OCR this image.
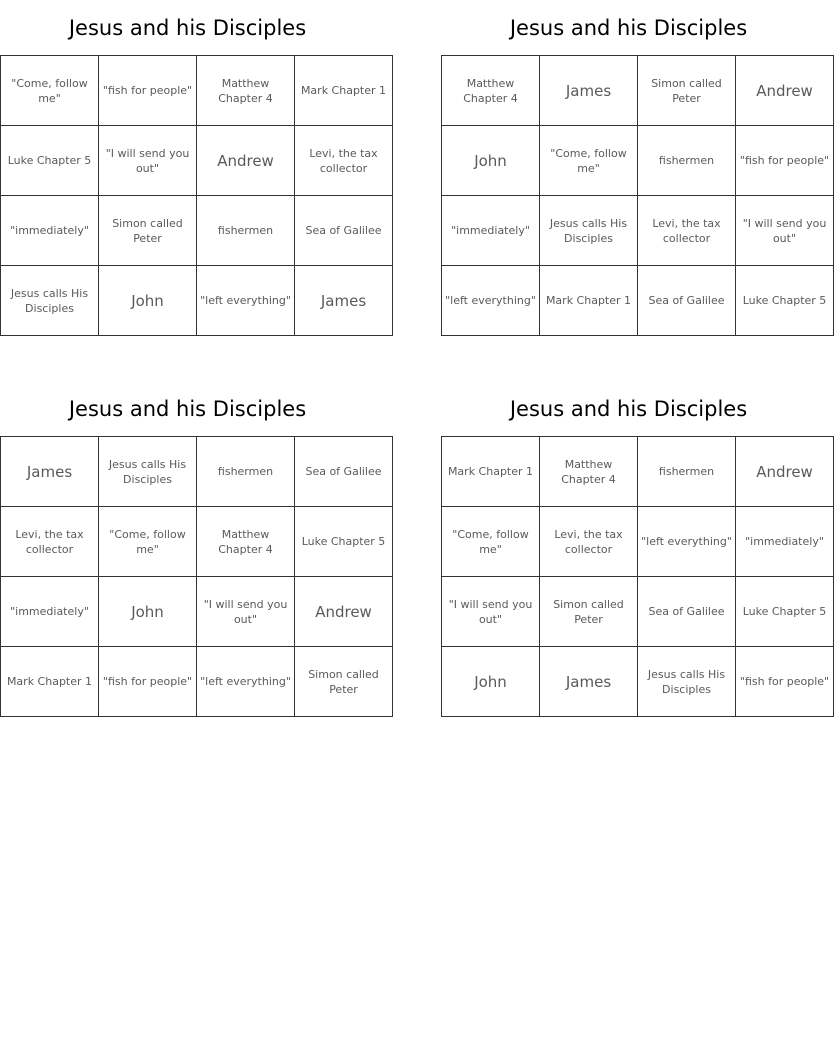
Jesus and his Disciples
"Come, follow me"	"fish for people"	Matthew Chapter 4	Mark Chapter 1
Luke Chapter 5	"I will send you out"	Andrew	Levi, the tax collector
"immediately"	Simon called Peter	fishermen	Sea of Galilee
Jesus calls His Disciples	John	"left everything"	James
Jesus and his Disciples
Matthew Chapter 4	James	Simon called Peter	Andrew
John	"Come, follow me"	fishermen	"fish for people"
"immediately"	Jesus calls His Disciples	Levi, the tax collector	"I will send you out"
"left everything"	Mark Chapter 1	Sea of Galilee	Luke Chapter 5
Jesus and his Disciples
James	Jesus calls His Disciples	fishermen	Sea of Galilee
Levi, the tax collector	"Come, follow me"	Matthew Chapter 4	Luke Chapter 5
"immediately"	John	"I will send you out"	Andrew
Mark Chapter 1	"fish for people"	"left everything"	Simon called Peter
Jesus and his Disciples
Mark Chapter 1	Matthew Chapter 4	fishermen	Andrew
"Come, follow me"	Levi, the tax collector	"left everything"	"immediately"
"I will send you out"	Simon called Peter	Sea of Galilee	Luke Chapter 5
John	James	Jesus calls His Disciples	"fish for people"
